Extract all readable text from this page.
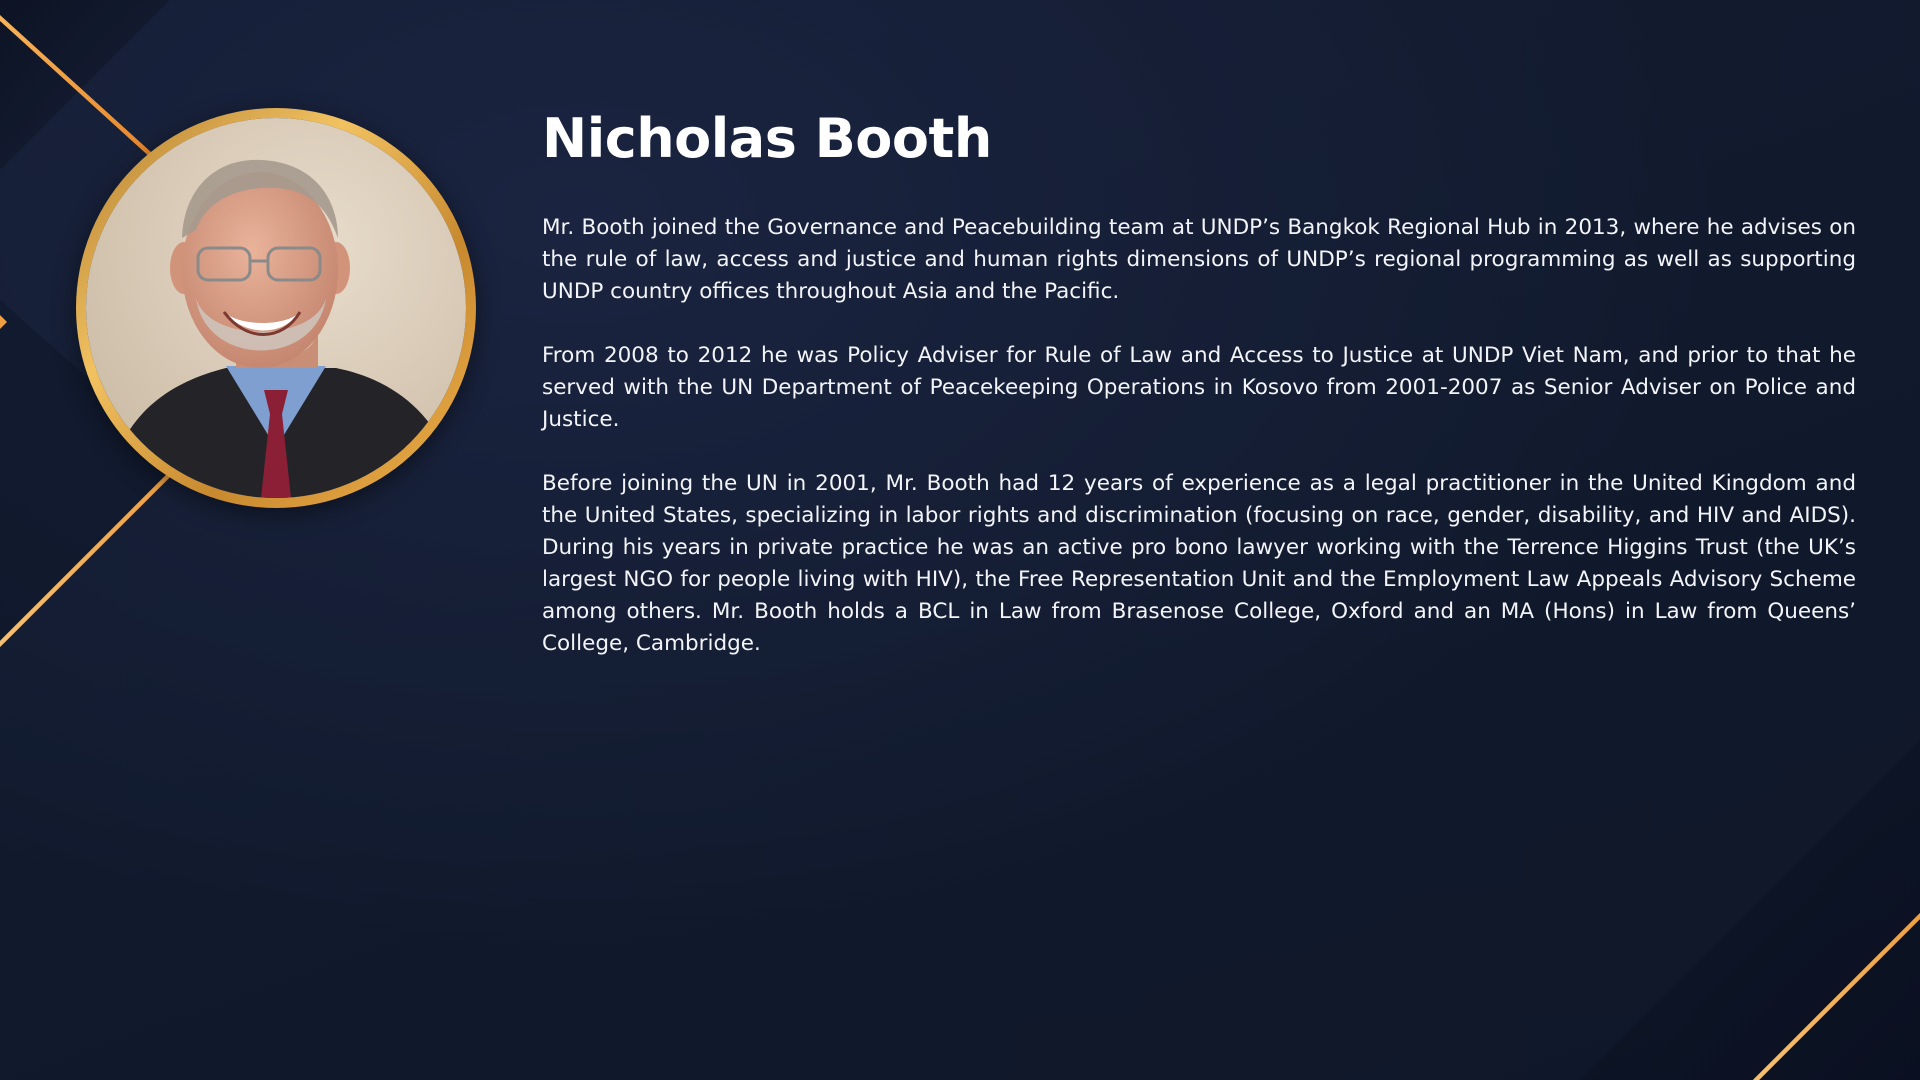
Nicholas Booth

Mr. Booth joined the Governance and Peacebuilding team at UNDP’s Bangkok Regional Hub in 2013, where he advises on the rule of law, access and justice and human rights dimensions of UNDP’s regional programming as well as supporting UNDP country offices throughout Asia and the Pacific.

From 2008 to 2012 he was Policy Adviser for Rule of Law and Access to Justice at UNDP Viet Nam, and prior to that he served with the UN Department of Peacekeeping Operations in Kosovo from 2001-2007 as Senior Adviser on Police and Justice.

Before joining the UN in 2001, Mr. Booth had 12 years of experience as a legal practitioner in the United Kingdom and the United States, specializing in labor rights and discrimination (focusing on race, gender, disability, and HIV and AIDS). During his years in private practice he was an active pro bono lawyer working with the Terrence Higgins Trust (the UK’s largest NGO for people living with HIV), the Free Representation Unit and the Employment Law Appeals Advisory Scheme among others. Mr. Booth holds a BCL in Law from Brasenose College, Oxford and an MA (Hons) in Law from Queens’ College, Cambridge.
